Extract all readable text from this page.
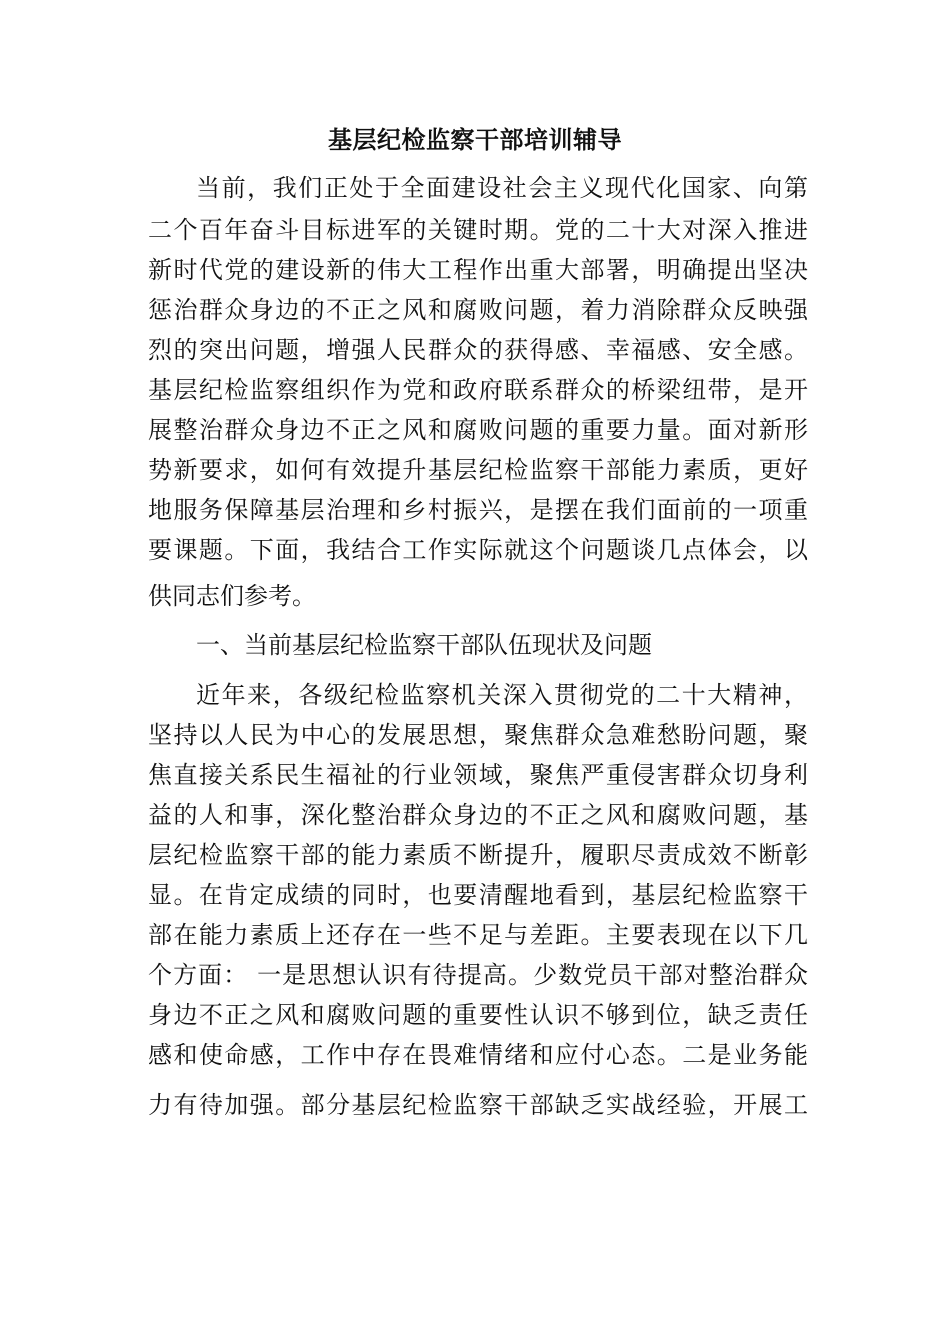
基层纪检监察干部培训辅导

当前，我们正处于全面建设社会主义现代化国家、向第

二个百年奋斗目标进军的关键时期。党的二十大对深入推进

新时代党的建设新的伟大工程作出重大部署，明确提出坚决

惩治群众身边的不正之风和腐败问题，着力消除群众反映强

烈的突出问题，增强人民群众的获得感、幸福感、安全感。

基层纪检监察组织作为党和政府联系群众的桥梁纽带，是开

展整治群众身边不正之风和腐败问题的重要力量。面对新形

势新要求，如何有效提升基层纪检监察干部能力素质，更好

地服务保障基层治理和乡村振兴，是摆在我们面前的一项重

要课题。下面，我结合工作实际就这个问题谈几点体会，以

供同志们参考。

一、当前基层纪检监察干部队伍现状及问题

近年来，各级纪检监察机关深入贯彻党的二十大精神，

坚持以人民为中心的发展思想，聚焦群众急难愁盼问题，聚

焦直接关系民生福祉的行业领域，聚焦严重侵害群众切身利

益的人和事，深化整治群众身边的不正之风和腐败问题，基

层纪检监察干部的能力素质不断提升，履职尽责成效不断彰

显。在肯定成绩的同时，也要清醒地看到，基层纪检监察干

部在能力素质上还存在一些不足与差距。主要表现在以下几

个方面： 一是思想认识有待提高。少数党员干部对整治群众

身边不正之风和腐败问题的重要性认识不够到位，缺乏责任

感和使命感，工作中存在畏难情绪和应付心态。二是业务能

力有待加强。部分基层纪检监察干部缺乏实战经验，开展工
